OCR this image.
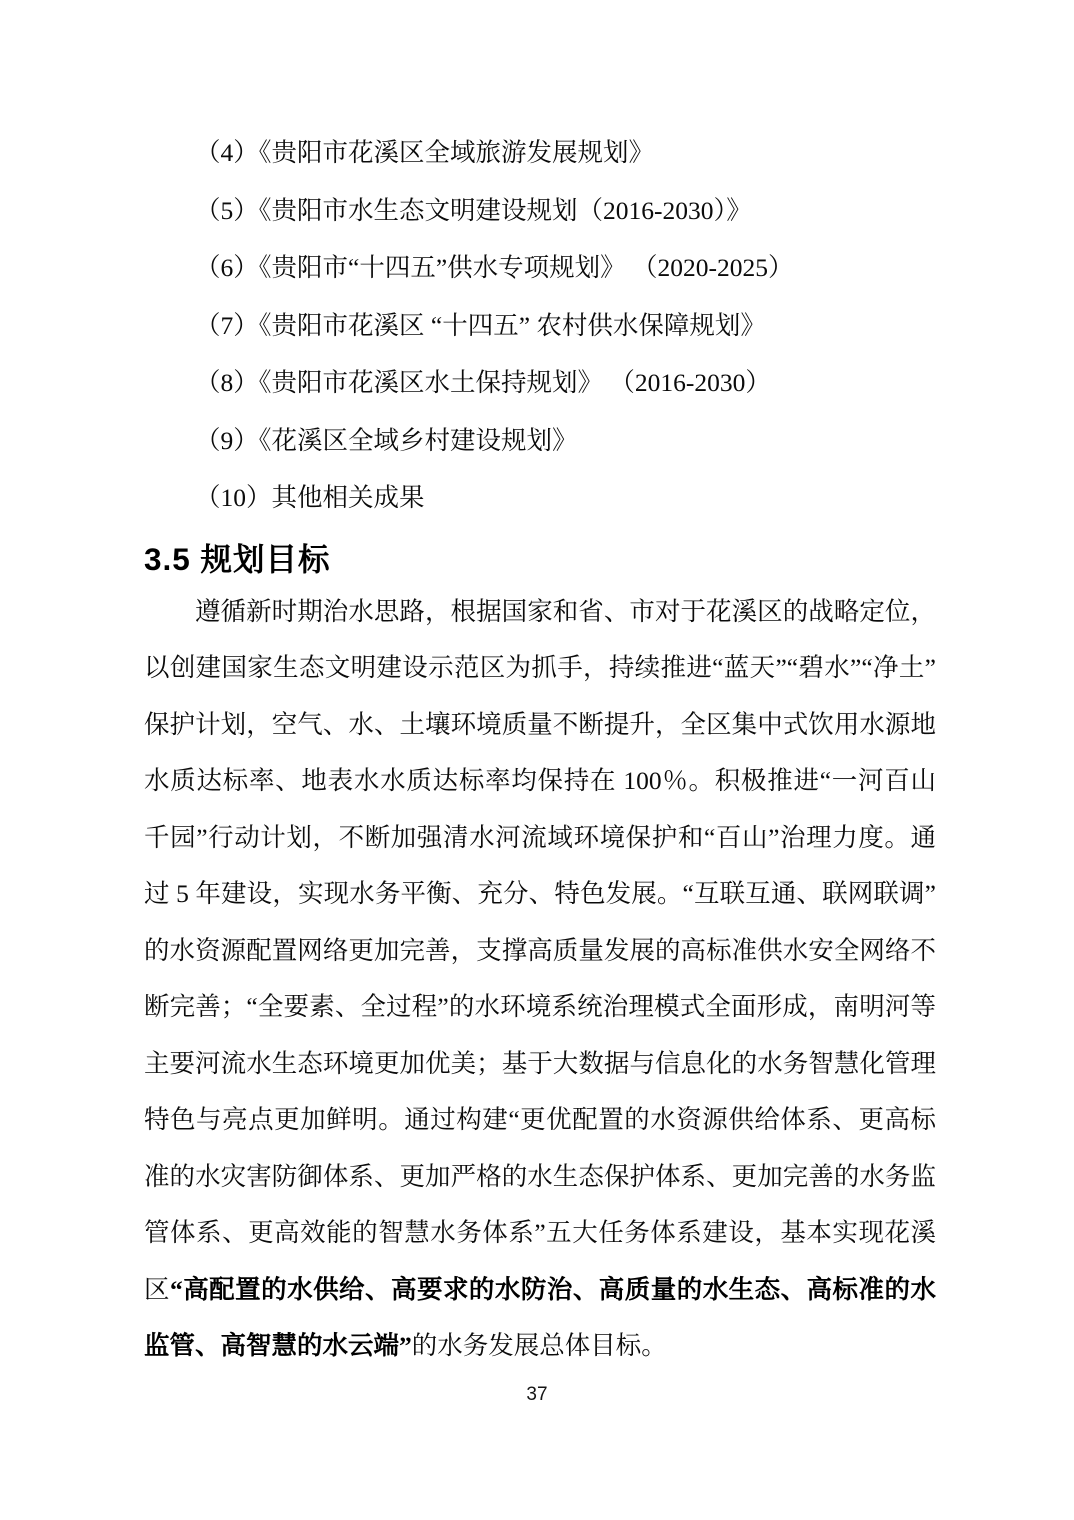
（4）《贵阳市花溪区全域旅游发展规划》
（5）《贵阳市水生态文明建设规划（2016-2030）》
（6）《贵阳市“十四五”供水专项规划》 （2020-2025）
（7）《贵阳市花溪区 “十四五” 农村供水保障规划》
（8）《贵阳市花溪区水土保持规划》 （2016-2030）
（9）《花溪区全域乡村建设规划》
（10）其他相关成果
3.5 规划目标

遵循新时期治水思路，根据国家和省、市对于花溪区的战略定位，以创建国家生态文明建设示范区为抓手，持续推进“蓝天”“碧水”“净土”保护计划，空气、水、土壤环境质量不断提升，全区集中式饮用水源地水质达标率、地表水水质达标率均保持在 100％。积极推进“一河百山千园”行动计划，不断加强清水河流域环境保护和“百山”治理力度。通过 5 年建设，实现水务平衡、充分、特色发展。“互联互通、联网联调”的水资源配置网络更加完善，支撑高质量发展的高标准供水安全网络不断完善；“全要素、全过程”的水环境系统治理模式全面形成，南明河等主要河流水生态环境更加优美；基于大数据与信息化的水务智慧化管理特色与亮点更加鲜明。通过构建“更优配置的水资源供给体系、更高标准的水灾害防御体系、更加严格的水生态保护体系、更加完善的水务监管体系、更高效能的智慧水务体系”五大任务体系建设，基本实现花溪区“高配置的水供给、高要求的水防治、高质量的水生态、高标准的水监管、高智慧的水云端”的水务发展总体目标。

37
